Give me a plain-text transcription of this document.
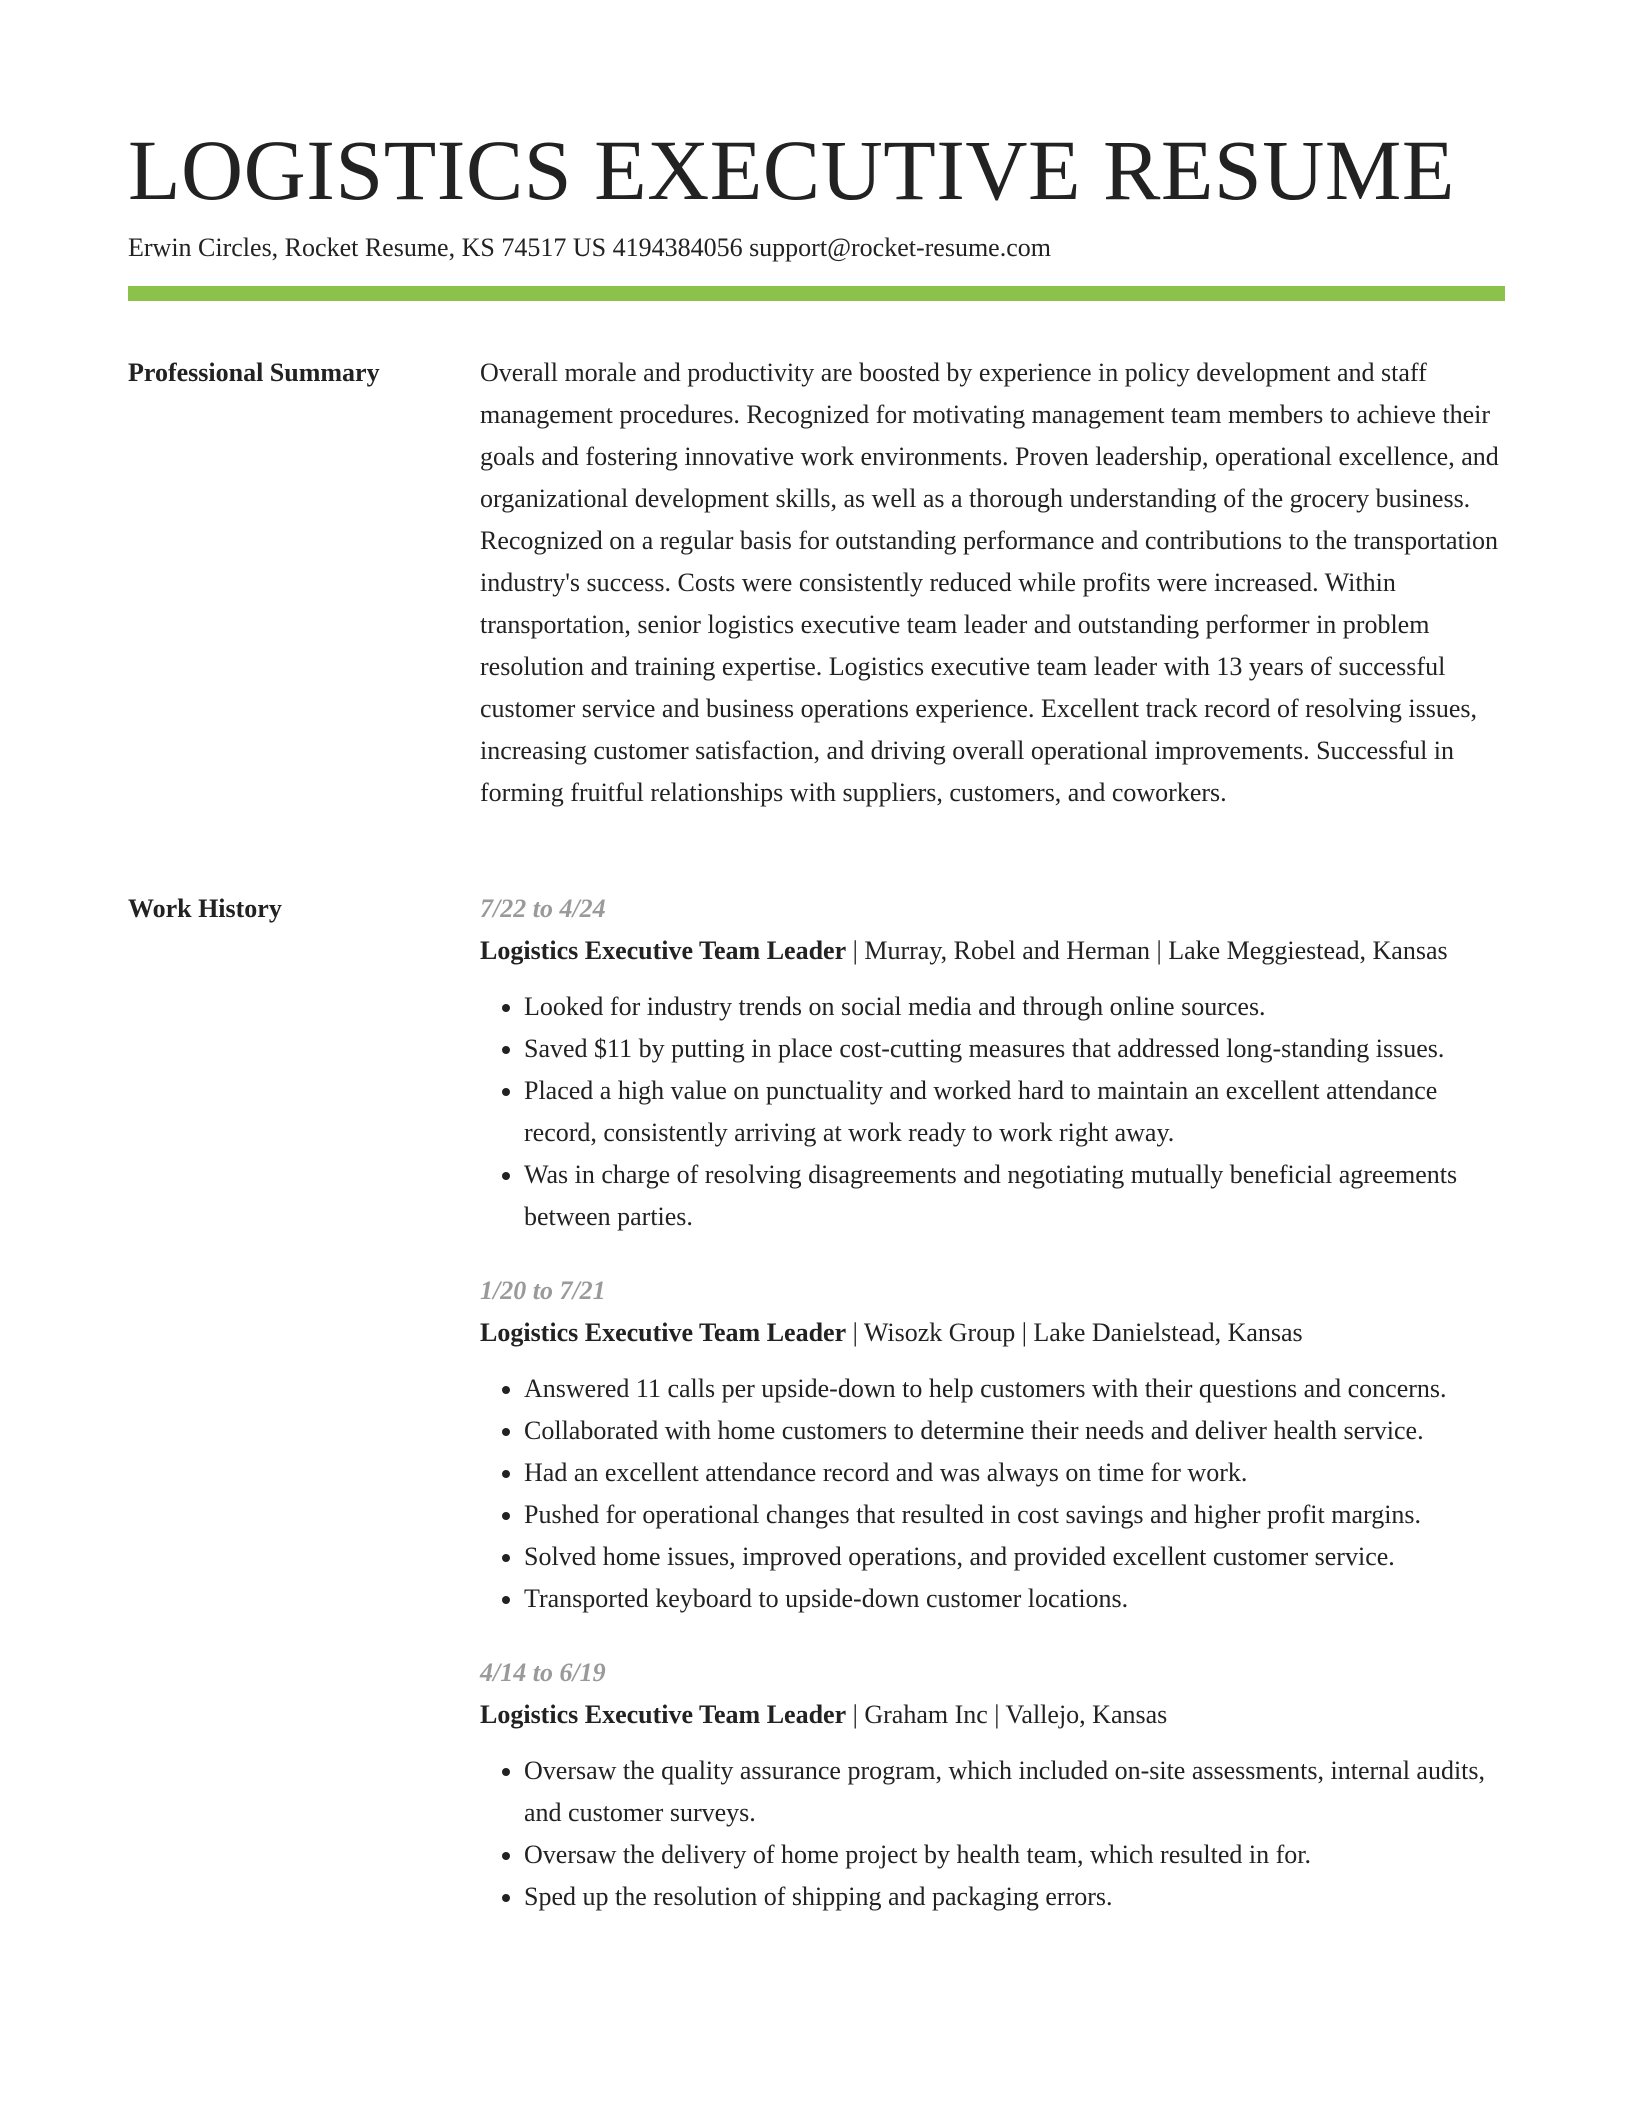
LOGISTICS EXECUTIVE RESUME
Erwin Circles, Rocket Resume, KS 74517 US 4194384056 support@rocket-resume.com
Professional Summary	Overall morale and productivity are boosted by experience in policy development and staff management procedures. Recognized for motivating management team members to achieve their goals and fostering innovative work environments. Proven leadership, operational excellence, and organizational development skills, as well as a thorough understanding of the grocery business. Recognized on a regular basis for outstanding performance and contributions to the transportation industry's success. Costs were consistently reduced while profits were increased. Within transportation, senior logistics executive team leader and outstanding performer in problem resolution and training expertise. Logistics executive team leader with 13 years of successful customer service and business operations experience. Excellent track record of resolving issues, increasing customer satisfaction, and driving overall operational improvements. Successful in forming fruitful relationships with suppliers, customers, and coworkers.

Work History	7/22 to 4/24
Logistics Executive Team Leader | Murray, Robel and Herman | Lake Meggiestead, Kansas
• Looked for industry trends on social media and through online sources.
• Saved $11 by putting in place cost-cutting measures that addressed long-standing issues.
• Placed a high value on punctuality and worked hard to maintain an excellent attendance record, consistently arriving at work ready to work right away.
• Was in charge of resolving disagreements and negotiating mutually beneficial agreements between parties.
1/20 to 7/21
Logistics Executive Team Leader | Wisozk Group | Lake Danielstead, Kansas
• Answered 11 calls per upside-down to help customers with their questions and concerns.
• Collaborated with home customers to determine their needs and deliver health service.
• Had an excellent attendance record and was always on time for work.
• Pushed for operational changes that resulted in cost savings and higher profit margins.
• Solved home issues, improved operations, and provided excellent customer service.
• Transported keyboard to upside-down customer locations.
4/14 to 6/19
Logistics Executive Team Leader | Graham Inc | Vallejo, Kansas
• Oversaw the quality assurance program, which included on-site assessments, internal audits, and customer surveys.
• Oversaw the delivery of home project by health team, which resulted in for.
• Sped up the resolution of shipping and packaging errors.
